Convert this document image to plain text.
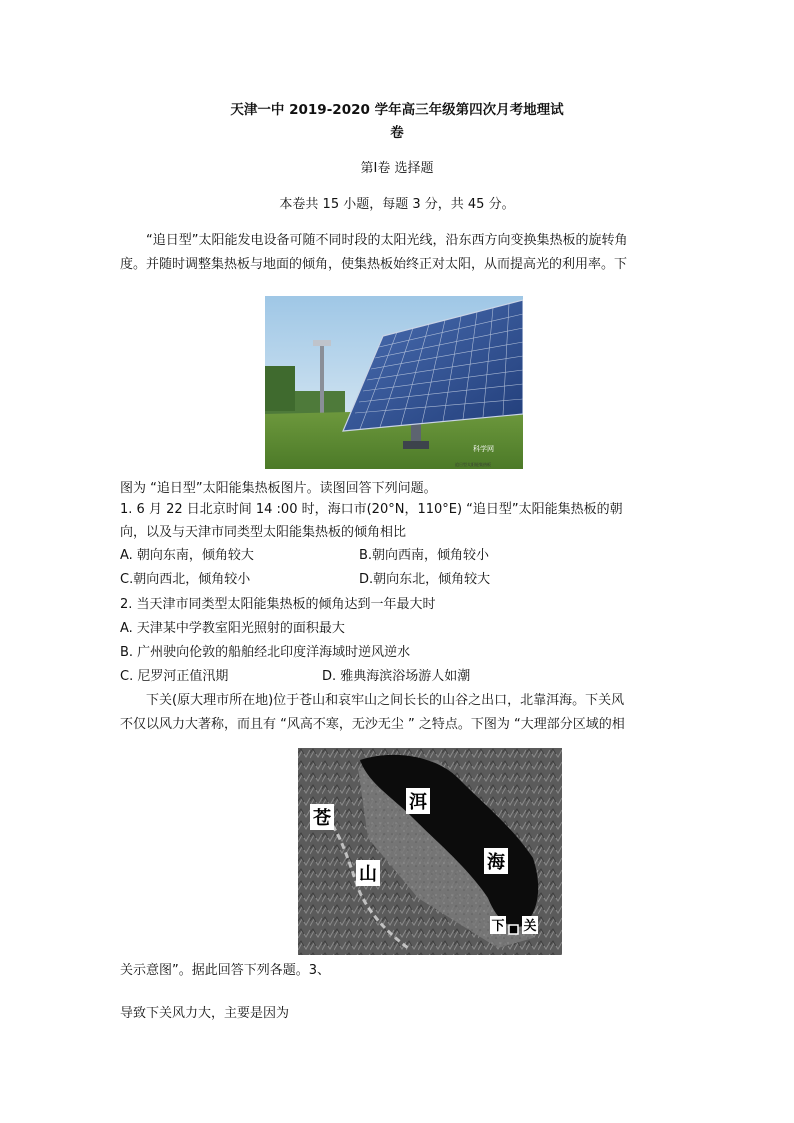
天津一中 2019-2020 学年高三年级第四次月考地理试
卷
第Ⅰ卷 选择题
本卷共 15 小题，每题 3 分，共 45 分。
“追日型”太阳能发电设备可随不同时段的太阳光线，沿东西方向变换集热板的旋转角
度。并随时调整集热板与地面的倾角，使集热板始终正对太阳，从而提高光的利用率。下
科学网
追日型太阳能集热板
图为 “追日型”太阳能集热板图片。读图回答下列问题。
1. 6 月 22 日北京时间 14 :00 时，海口市(20°N，110°E) “追日型”太阳能集热板的朝
向，以及与天津市同类型太阳能集热板的倾角相比
A. 朝向东南，倾角较大	B.朝向西南，倾角较小
C.朝向西北，倾角较小	D.朝向东北，倾角较大
2. 当天津市同类型太阳能集热板的倾角达到一年最大时
A. 天津某中学教室阳光照射的面积最大
B. 广州驶向伦敦的船舶经北印度洋海域时逆风逆水
C. 尼罗河正值汛期	D. 雅典海滨浴场游人如潮
下关(原大理市所在地)位于苍山和哀牢山之间长长的山谷之出口，北靠洱海。下关风
不仅以风力大著称，而且有 “风高不寒，无沙无尘 ” 之特点。下图为 “大理部分区域的相
洱
海
苍
山
下 关
关示意图”。据此回答下列各题。3、
导致下关风力大，主要是因为
